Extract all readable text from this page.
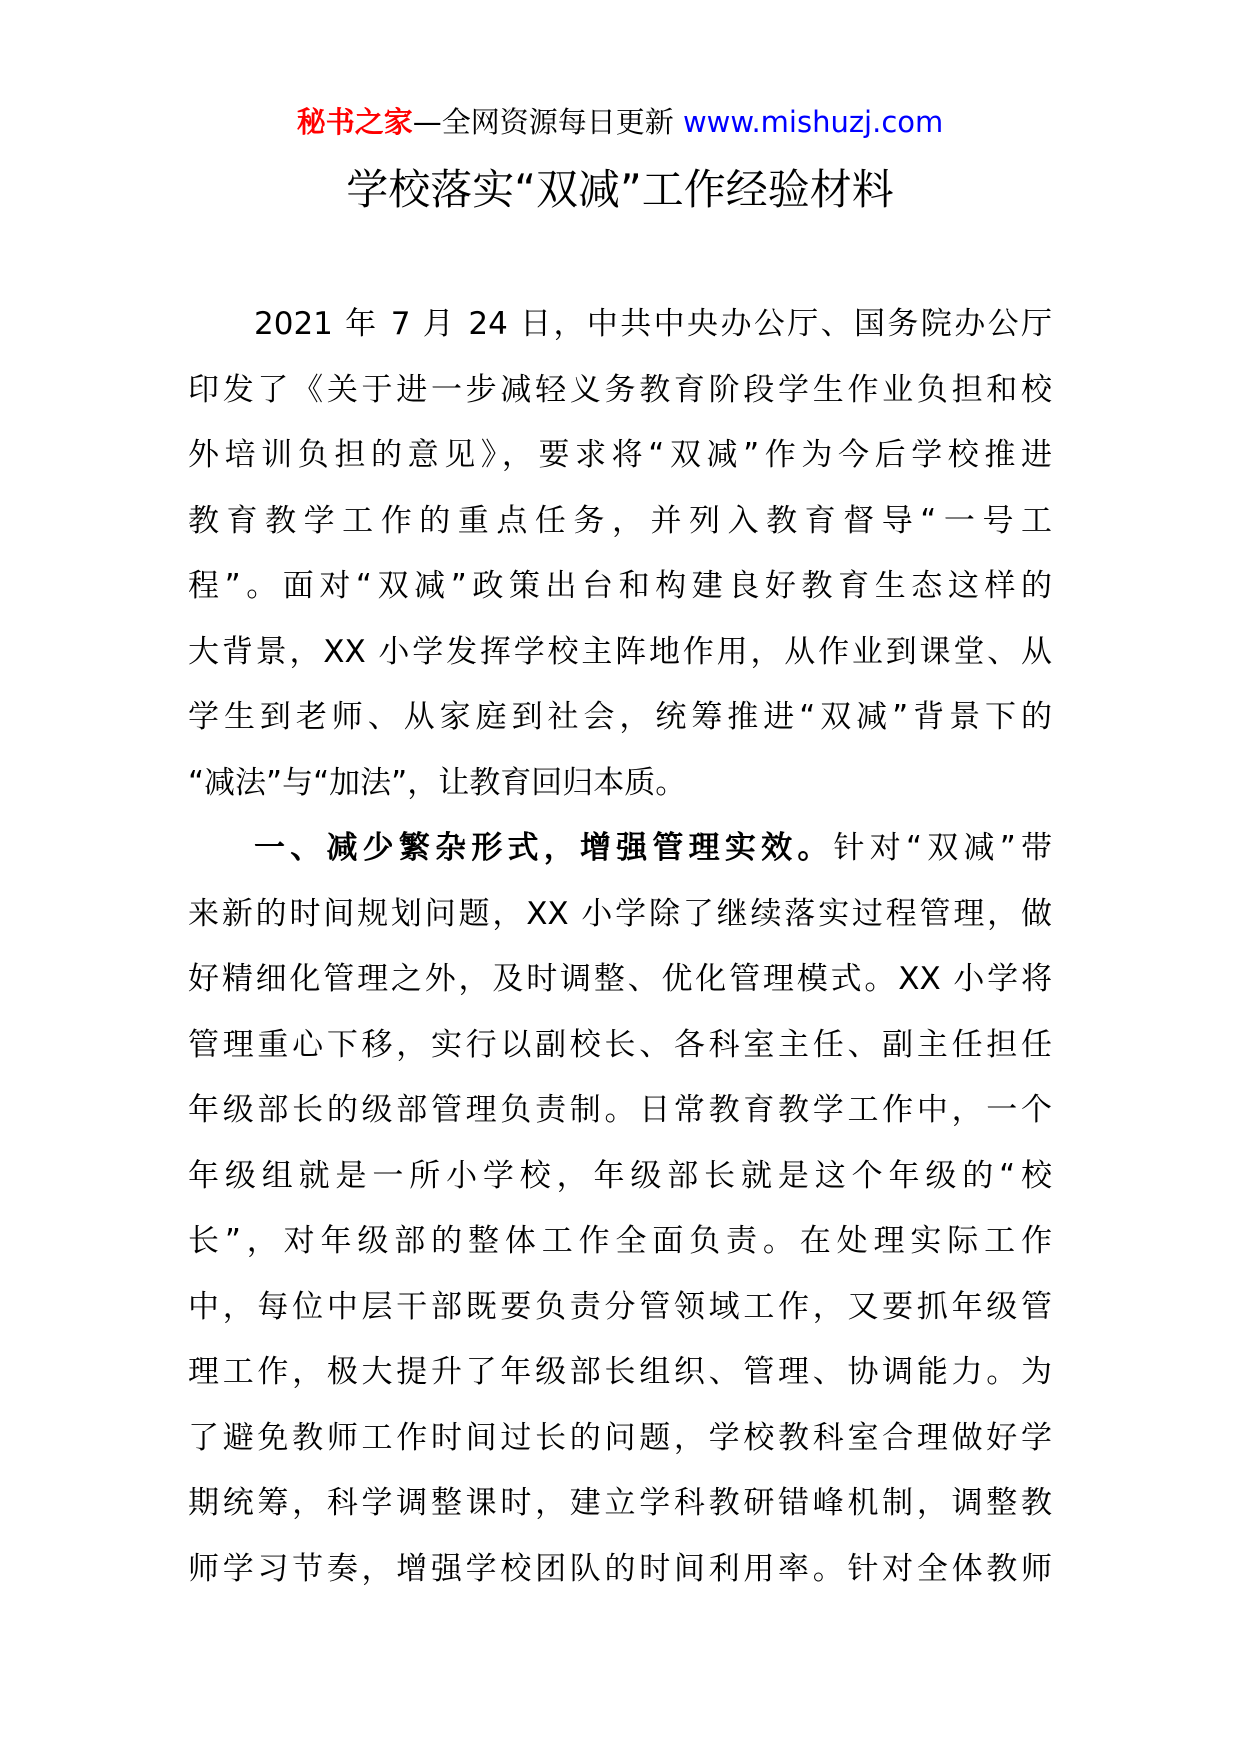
秘书之家—全网资源每日更新 www.mishuzj.com
学校落实“双减”工作经验材料
2021 年 7 月 24 日，中共中央办公厅、国务院办公厅
印发了《关于进一步减轻义务教育阶段学生作业负担和校
外培训负担的意见》，要求将“双减”作为今后学校推进
教育教学工作的重点任务，并列入教育督导“一号工
程”。面对“双减”政策出台和构建良好教育生态这样的
大背景，XX 小学发挥学校主阵地作用，从作业到课堂、从
学生到老师、从家庭到社会，统筹推进“双减”背景下的
“减法”与“加法”，让教育回归本质。
一、减少繁杂形式，增强管理实效。针对“双减”带
来新的时间规划问题，XX 小学除了继续落实过程管理，做
好精细化管理之外，及时调整、优化管理模式。XX 小学将
管理重心下移，实行以副校长、各科室主任、副主任担任
年级部长的级部管理负责制。日常教育教学工作中，一个
年级组就是一所小学校，年级部长就是这个年级的“校
长”，对年级部的整体工作全面负责。在处理实际工作
中，每位中层干部既要负责分管领域工作，又要抓年级管
理工作，极大提升了年级部长组织、管理、协调能力。为
了避免教师工作时间过长的问题，学校教科室合理做好学
期统筹，科学调整课时，建立学科教研错峰机制，调整教
师学习节奏，增强学校团队的时间利用率。针对全体教师
